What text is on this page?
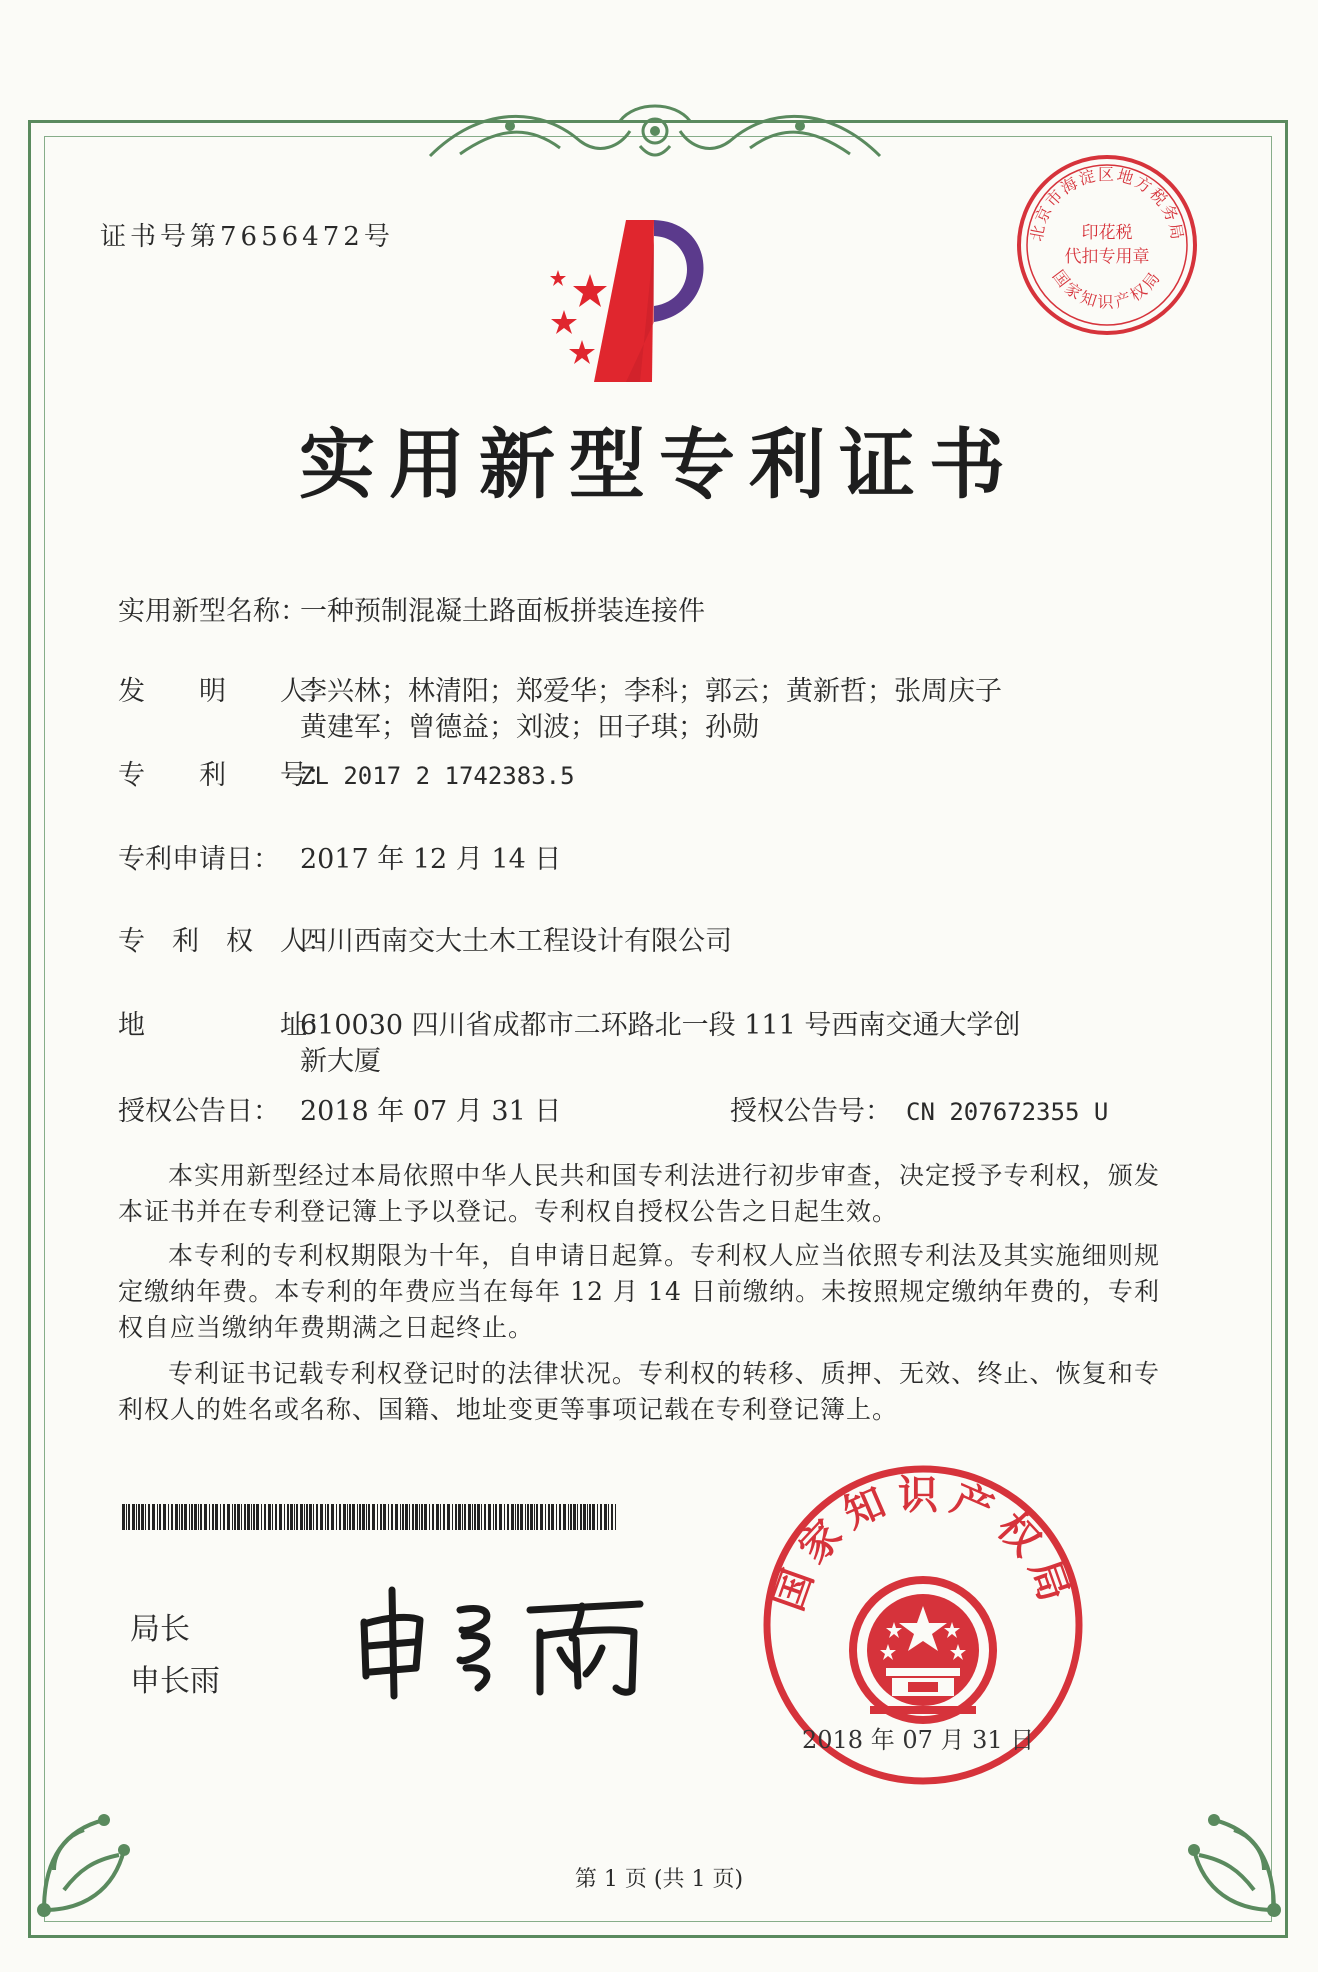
证书号第7656472号	北京市海淀区地方税务局
印花税
代扣专用章
国家知识产权局
实用新型专利证书
实用新型名称：
一种预制混凝土路面板拼装连接件
发　　明　　人：
李兴林；林清阳；郑爱华；李科；郭云；黄新哲；张周庆子
黄建军；曾德益；刘波；田子琪；孙勋
专　　利　　号：
ZL 2017 2 1742383.5
专利申请日： 2017 年 12 月 14 日
专　利　权　人：
四川西南交大土木工程设计有限公司
地　　　　　址：
610030 四川省成都市二环路北一段 111 号西南交通大学创
新大厦
授权公告日： 2018 年 07 月 31 日	授权公告号： CN 207672355 U
本实用新型经过本局依照中华人民共和国专利法进行初步审查，决定授予专利权，颁发本证书并在专利登记簿上予以登记。专利权自授权公告之日起生效。
本专利的专利权期限为十年，自申请日起算。专利权人应当依照专利法及其实施细则规定缴纳年费。本专利的年费应当在每年 12 月 14 日前缴纳。未按照规定缴纳年费的，专利权自应当缴纳年费期满之日起终止。
专利证书记载专利权登记时的法律状况。专利权的转移、质押、无效、终止、恢复和专利权人的姓名或名称、国籍、地址变更等事项记载在专利登记簿上。
局长
申长雨
国家知识产权局
2018 年 07 月 31 日
第 1 页 (共 1 页)
